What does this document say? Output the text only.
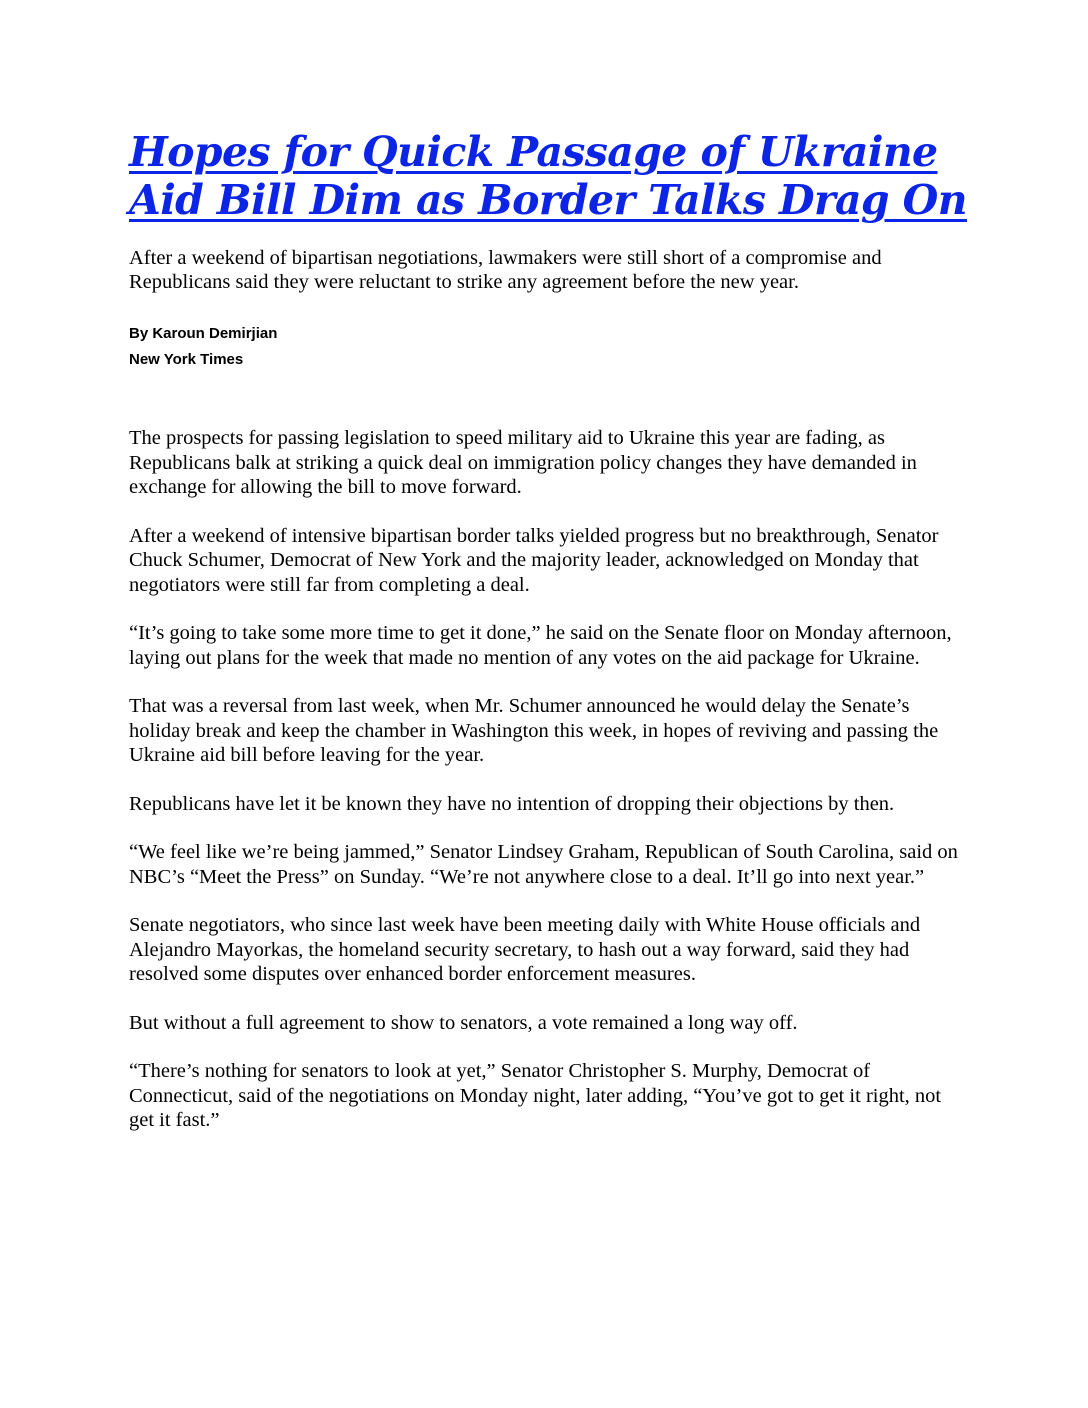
Hopes for Quick Passage of Ukraine Aid Bill Dim as Border Talks Drag On

After a weekend of bipartisan negotiations, lawmakers were still short of a compromise and Republicans said they were reluctant to strike any agreement before the new year.

By Karoun Demirjian
New York Times

The prospects for passing legislation to speed military aid to Ukraine this year are fading, as Republicans balk at striking a quick deal on immigration policy changes they have demanded in exchange for allowing the bill to move forward.

After a weekend of intensive bipartisan border talks yielded progress but no breakthrough, Senator Chuck Schumer, Democrat of New York and the majority leader, acknowledged on Monday that negotiators were still far from completing a deal.

“It’s going to take some more time to get it done,” he said on the Senate floor on Monday afternoon, laying out plans for the week that made no mention of any votes on the aid package for Ukraine.

That was a reversal from last week, when Mr. Schumer announced he would delay the Senate’s holiday break and keep the chamber in Washington this week, in hopes of reviving and passing the Ukraine aid bill before leaving for the year.

Republicans have let it be known they have no intention of dropping their objections by then.

“We feel like we’re being jammed,” Senator Lindsey Graham, Republican of South Carolina, said on NBC’s “Meet the Press” on Sunday. “We’re not anywhere close to a deal. It’ll go into next year.”

Senate negotiators, who since last week have been meeting daily with White House officials and Alejandro Mayorkas, the homeland security secretary, to hash out a way forward, said they had resolved some disputes over enhanced border enforcement measures.

But without a full agreement to show to senators, a vote remained a long way off.

“There’s nothing for senators to look at yet,” Senator Christopher S. Murphy, Democrat of Connecticut, said of the negotiations on Monday night, later adding, “You’ve got to get it right, not get it fast.”
